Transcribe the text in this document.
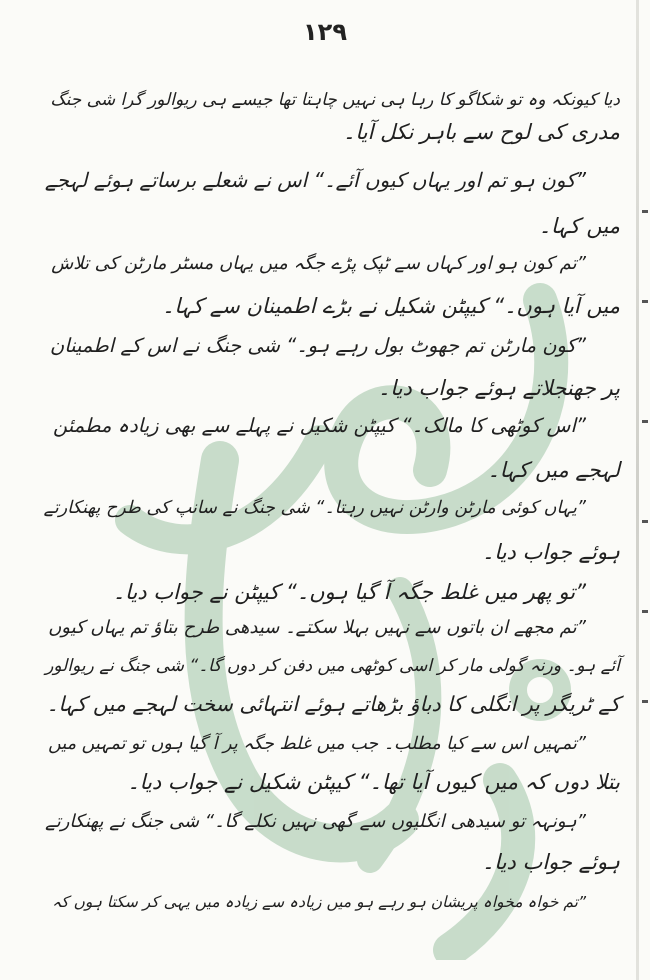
١٢٩
دیا کیونکہ وہ تو شکاگو کا رہا ہی نہیں چاہتا تھا جیسے ہی ریوالور گرا شی جنگ
مدری کی لوح سے باہر نکل آیا۔
”کون ہو تم اور یہاں کیوں آئے۔“ اس نے شعلے برساتے ہوئے لہجے
میں کہا۔
”تم کون ہو اور کہاں سے ٹپک پڑے جگہ میں یہاں مسٹر مارٹن کی تلاش
میں آیا ہوں۔“ کیپٹن شکیل نے بڑے اطمینان سے کہا۔
”کون مارٹن تم جھوٹ بول رہے ہو۔“ شی جنگ نے اس کے اطمینان
پر جھنجلاتے ہوئے جواب دیا۔
”اس کوٹھی کا مالک۔“ کیپٹن شکیل نے پہلے سے بھی زیادہ مطمئن
لہجے میں کہا۔
”یہاں کوئی مارٹن وارٹن نہیں رہتا۔“ شی جنگ نے سانپ کی طرح پھنکارتے
ہوئے جواب دیا۔
”تو پھر میں غلط جگہ آ گیا ہوں۔“ کیپٹن نے جواب دیا۔
”تم مجھے ان باتوں سے نہیں بہلا سکتے۔ سیدھی طرح بتاؤ تم یہاں کیوں
آئے ہو۔ ورنہ گولی مار کر اسی کوٹھی میں دفن کر دوں گا۔“ شی جنگ نے ریوالور
کے ٹریگر پر انگلی کا دباؤ بڑھاتے ہوئے انتہائی سخت لہجے میں کہا۔
”تمہیں اس سے کیا مطلب۔ جب میں غلط جگہ پر آ گیا ہوں تو تمہیں میں
بتلا دوں کہ میں کیوں آیا تھا۔“ کیپٹن شکیل نے جواب دیا۔
”ہونہہ تو سیدھی انگلیوں سے گھی نہیں نکلے گا۔“ شی جنگ نے پھنکارتے
ہوئے جواب دیا۔
”تم خواہ مخواہ پریشان ہو رہے ہو میں زیادہ سے زیادہ میں یہی کر سکتا ہوں کہ
